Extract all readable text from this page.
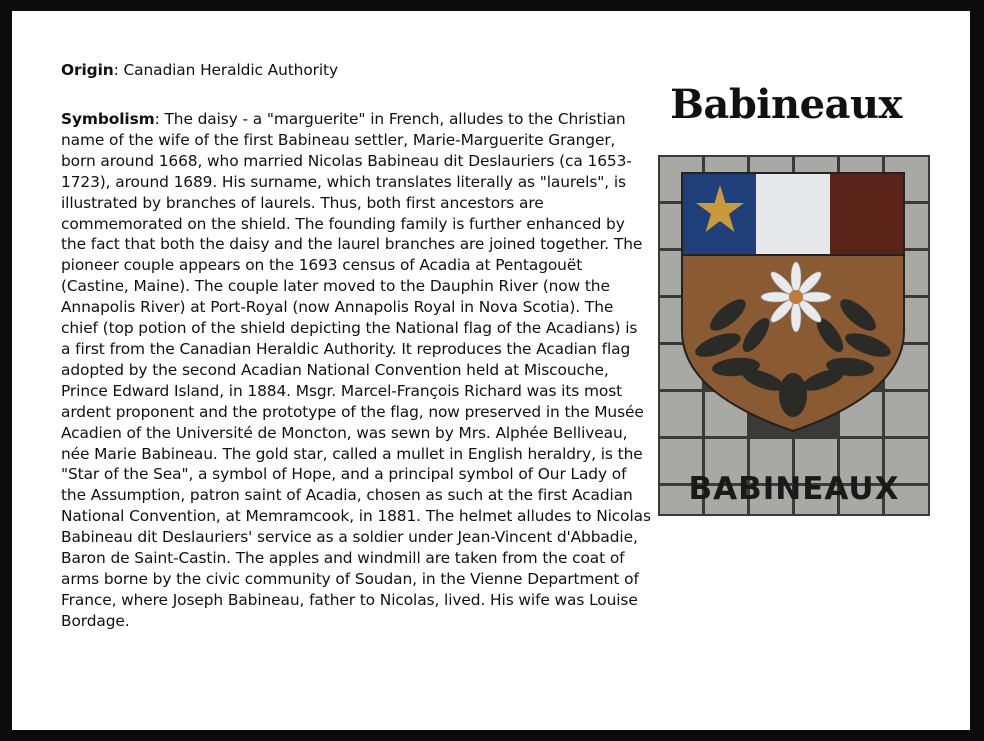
Origin: Canadian Heraldic Authority

Symbolism: The daisy - a "marguerite" in French, alludes to the Christian name of the wife of the first Babineau settler, Marie-Marguerite Granger, born around 1668, who married Nicolas Babineau dit Deslauriers (ca 1653-1723), around 1689. His surname, which translates literally as "laurels", is illustrated by branches of laurels. Thus, both first ancestors are commemorated on the shield. The founding family is further enhanced by the fact that both the daisy and the laurel branches are joined together. The pioneer couple appears on the 1693 census of Acadia at Pentagouët (Castine, Maine). The couple later moved to the Dauphin River (now the Annapolis River) at Port-Royal (now Annapolis Royal in Nova Scotia). The chief (top potion of the shield depicting the National flag of the Acadians) is a first from the Canadian Heraldic Authority. It reproduces the Acadian flag adopted by the second Acadian National Convention held at Miscouche, Prince Edward Island, in 1884. Msgr. Marcel-François Richard was its most ardent proponent and the prototype of the flag, now preserved in the Musée Acadien of the Université de Moncton, was sewn by Mrs. Alphée Belliveau, née Marie Babineau. The gold star, called a mullet in English heraldry, is the "Star of the Sea", a symbol of Hope, and a principal symbol of Our Lady of the Assumption, patron saint of Acadia, chosen as such at the first Acadian National Convention, at Memramcook, in 1881. The helmet alludes to Nicolas Babineau dit Deslauriers' service as a soldier under Jean-Vincent d'Abbadie, Baron de Saint-Castin. The apples and windmill are taken from the coat of arms borne by the civic community of Soudan, in the Vienne Department of France, where Joseph Babineau, father to Nicolas, lived. His wife was Louise Bordage.

Babineaux
BABINEAUX
